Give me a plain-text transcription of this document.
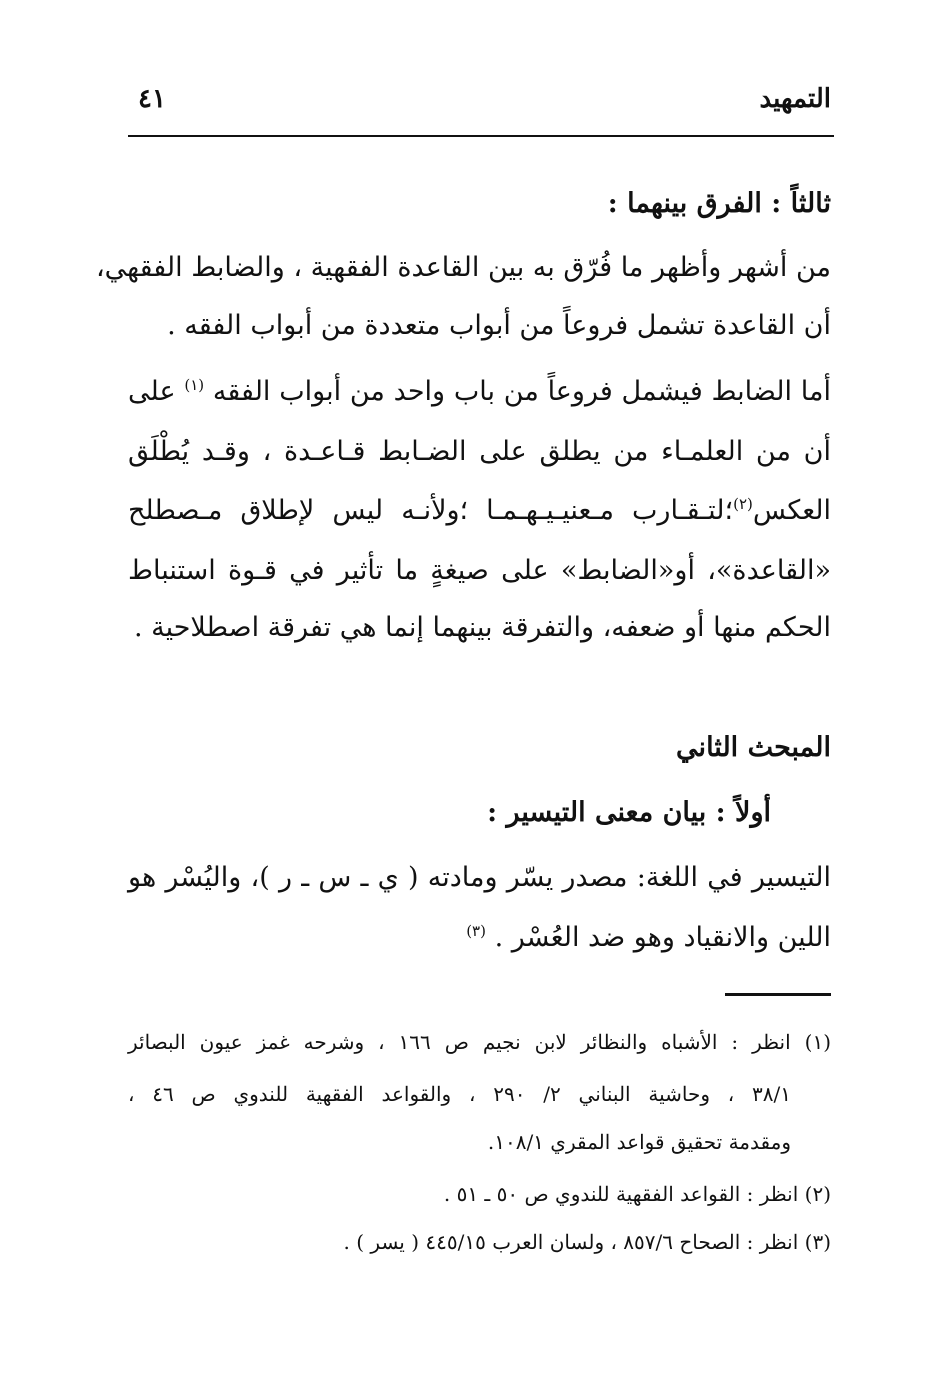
التمهيد
٤١
ثالثاً : الفرق بينهما :
من أشهر وأظهر ما فُرّق به بين القاعدة الفقهية ، والضابط الفقهي،
أن القاعدة تشمل فروعاً من أبواب متعددة من أبواب الفقه .
أما الضابط فيشمل فروعاً من باب واحد من أبواب الفقه $^{(١)}$ على
أن من العلمـاء من يطلق على الضـابط قـاعـدة ، وقـد يُطْلَق
العكس$^{(٢)}$؛لتـقـارب مـعنيـيـهـمـا ؛ولأنـه ليس لإطلاق مـصطلح
«القاعدة»، أو«الضابط» على صيغةٍ ما تأثير في قـوة استنباط
الحكم منها أو ضعفه، والتفرقة بينهما إنما هي تفرقة اصطلاحية .
المبحث الثاني
أولاً : بيان معنى التيسير :
التيسير في اللغة: مصدر يسّر ومادته ( ي ـ س ـ ر )، واليُسْر هو
اللين والانقياد وهو ضد العُسْر . $^{(٣)}$
(١) انظر : الأشباه والنظائر لابن نجيم ص ١٦٦ ، وشرحه غمز عيون البصائر
٣٨/١ ، وحاشية البناني ٢/ ٢٩٠ ، والقواعد الفقهية للندوي ص ٤٦ ،
ومقدمة تحقيق قواعد المقري ١٠٨/١.
(٢) انظر : القواعد الفقهية للندوي ص ٥٠ ـ ٥١ .
(٣) انظر : الصحاح ٨٥٧/٦ ، ولسان العرب ٤٤٥/١٥ ( يسر ) .
